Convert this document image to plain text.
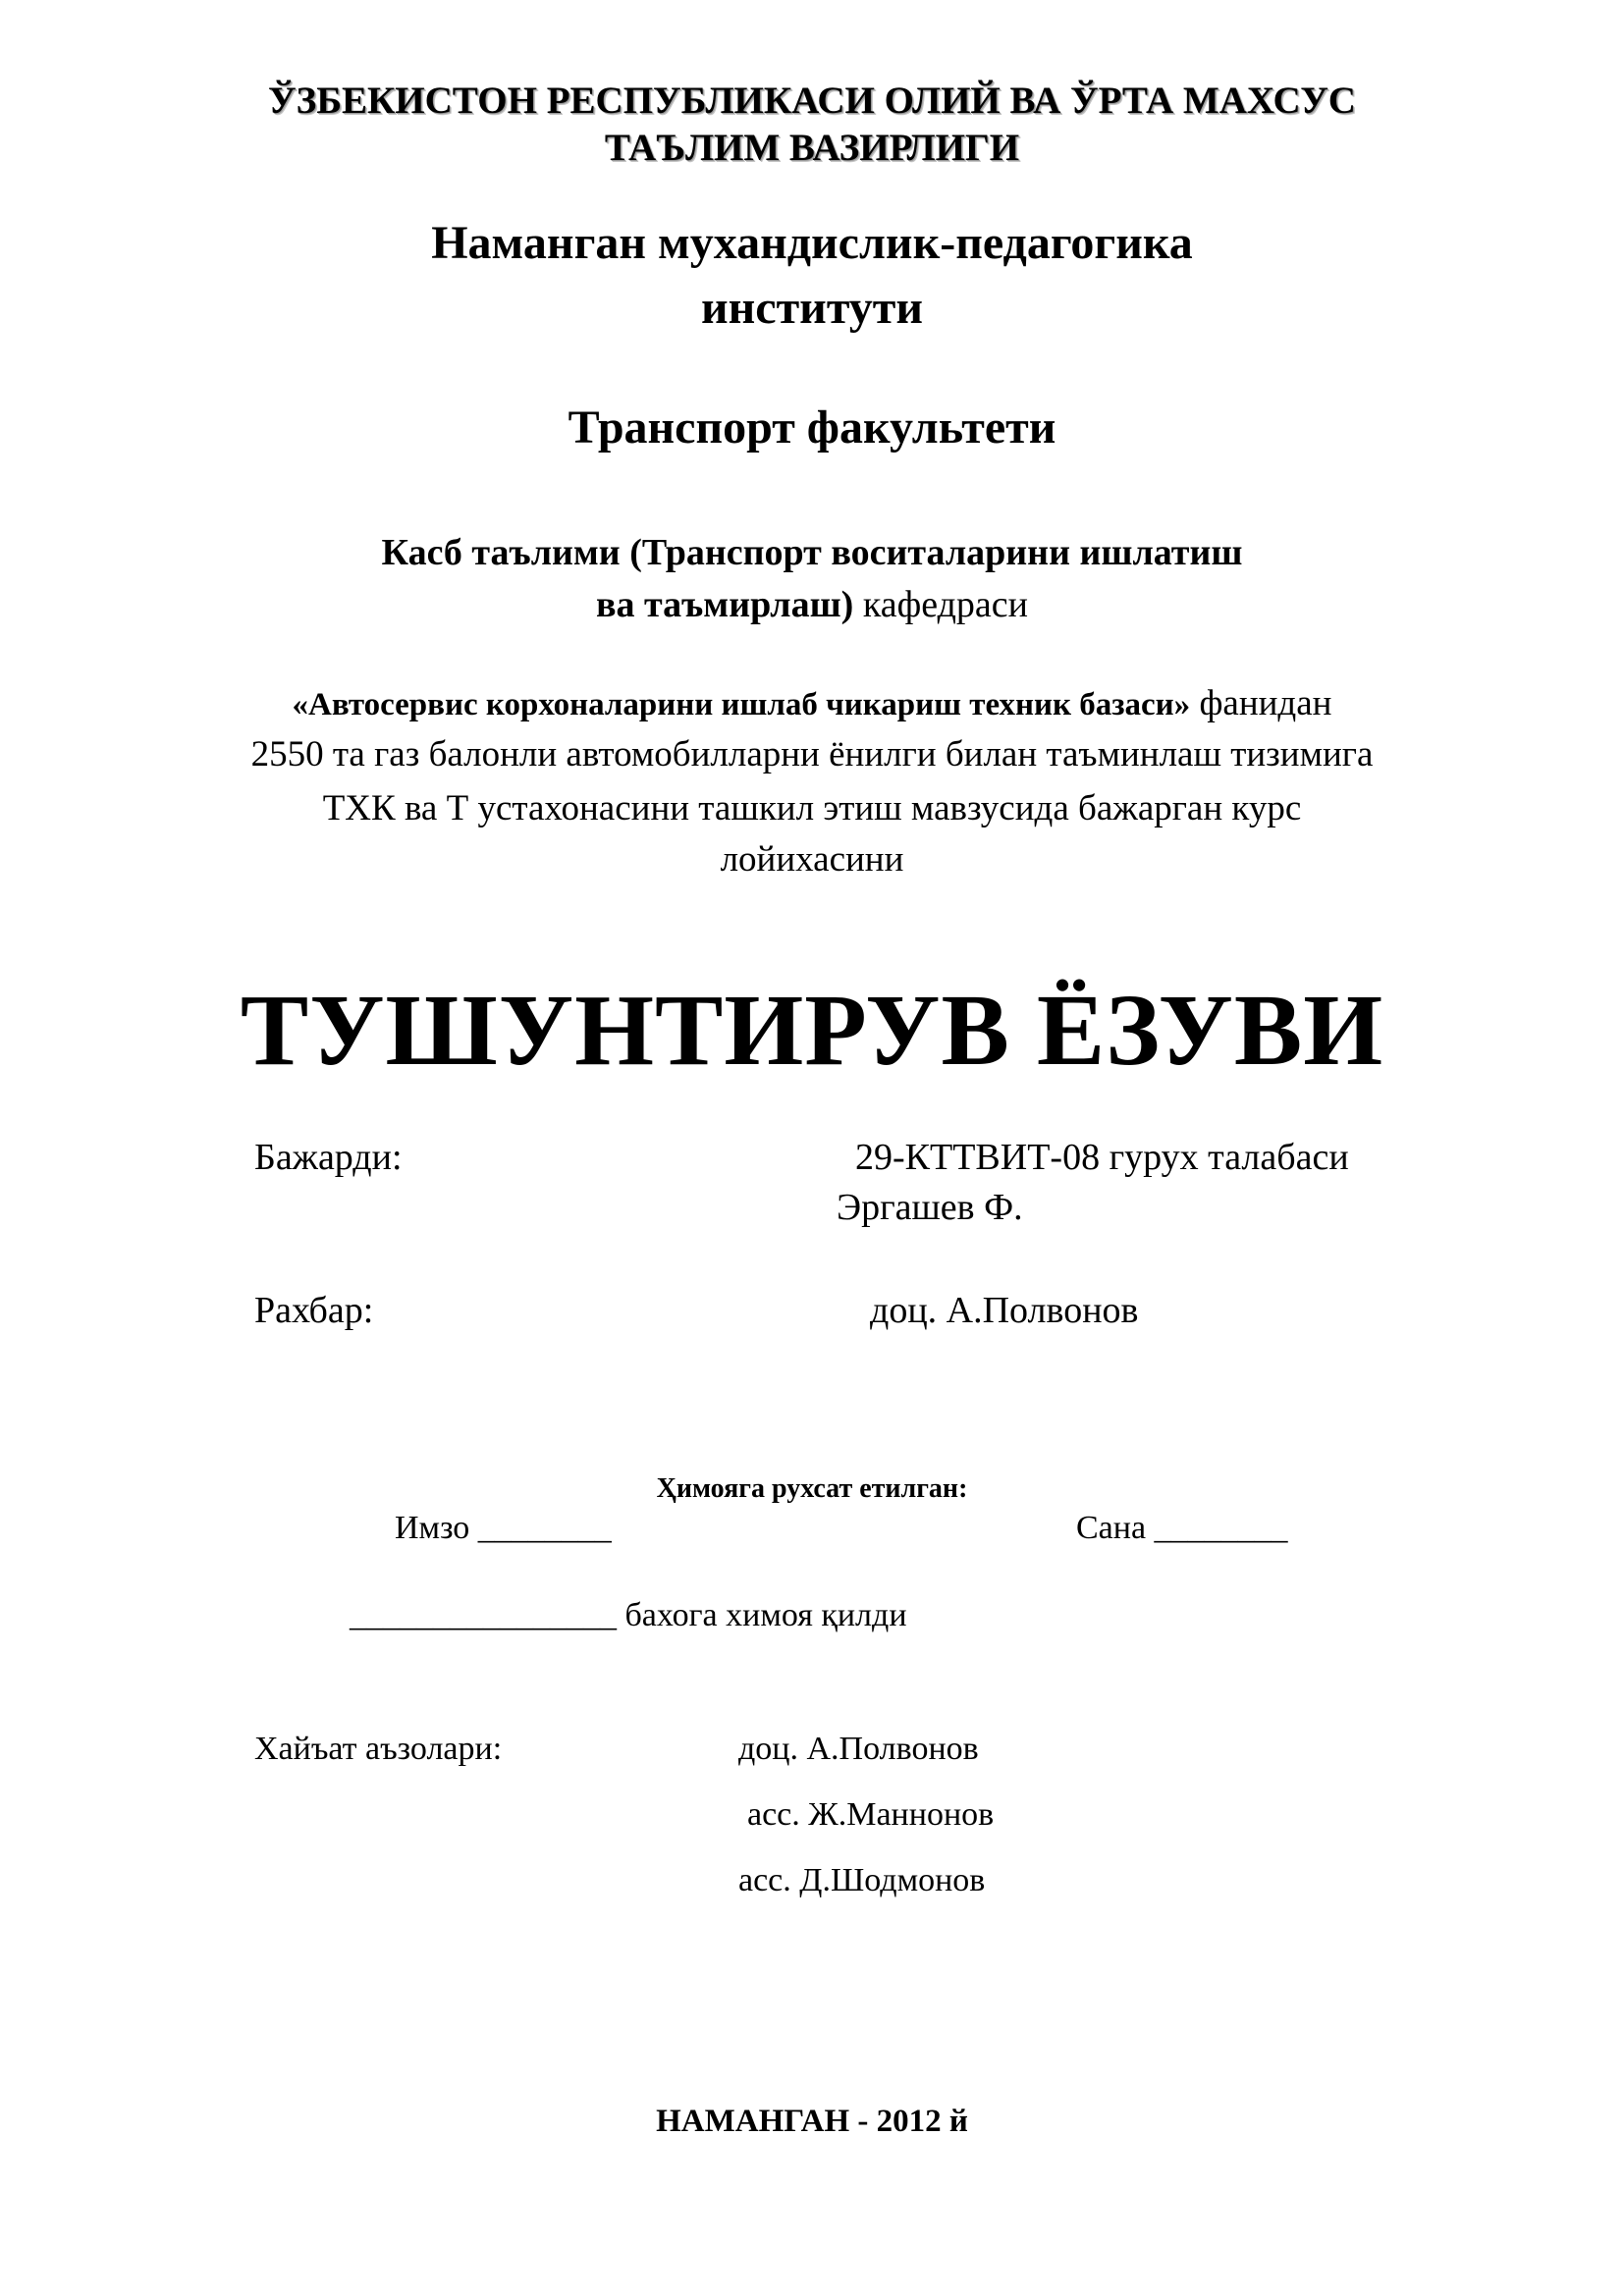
ЎЗБЕКИСТОН РЕСПУБЛИКАСИ ОЛИЙ ВА ЎРТА МАХСУС
ТАЪЛИМ ВАЗИРЛИГИ
Наманган мухандислик-педагогика
институти
Транспорт факультети
Касб таълими (Транспорт воситаларини ишлатиш
ва таъмирлаш) кафедраси
«Автосервис корхоналарини ишлаб чикариш техник базаси» фанидан
2550 та газ балонли автомобилларни ёнилги билан таъминлаш тизимига
ТХК ва Т устахонасини ташкил этиш мавзусида бажарган курс
лойихасини
ТУШУНТИРУВ ЁЗУВИ
Бажарди:	29-КТТВИТ-08 гурух талабаси
Эргашев Ф.
Рахбар:	доц. А.Полвонов
Ҳимояга рухсат етилган:
Имзо ________	Сана ________
________________ бахога химоя қилди
Хайъат аъзолари:	доц. А.Полвонов
асс. Ж.Маннонов
асс. Д.Шодмонов
НАМАНГАН - 2012 й
